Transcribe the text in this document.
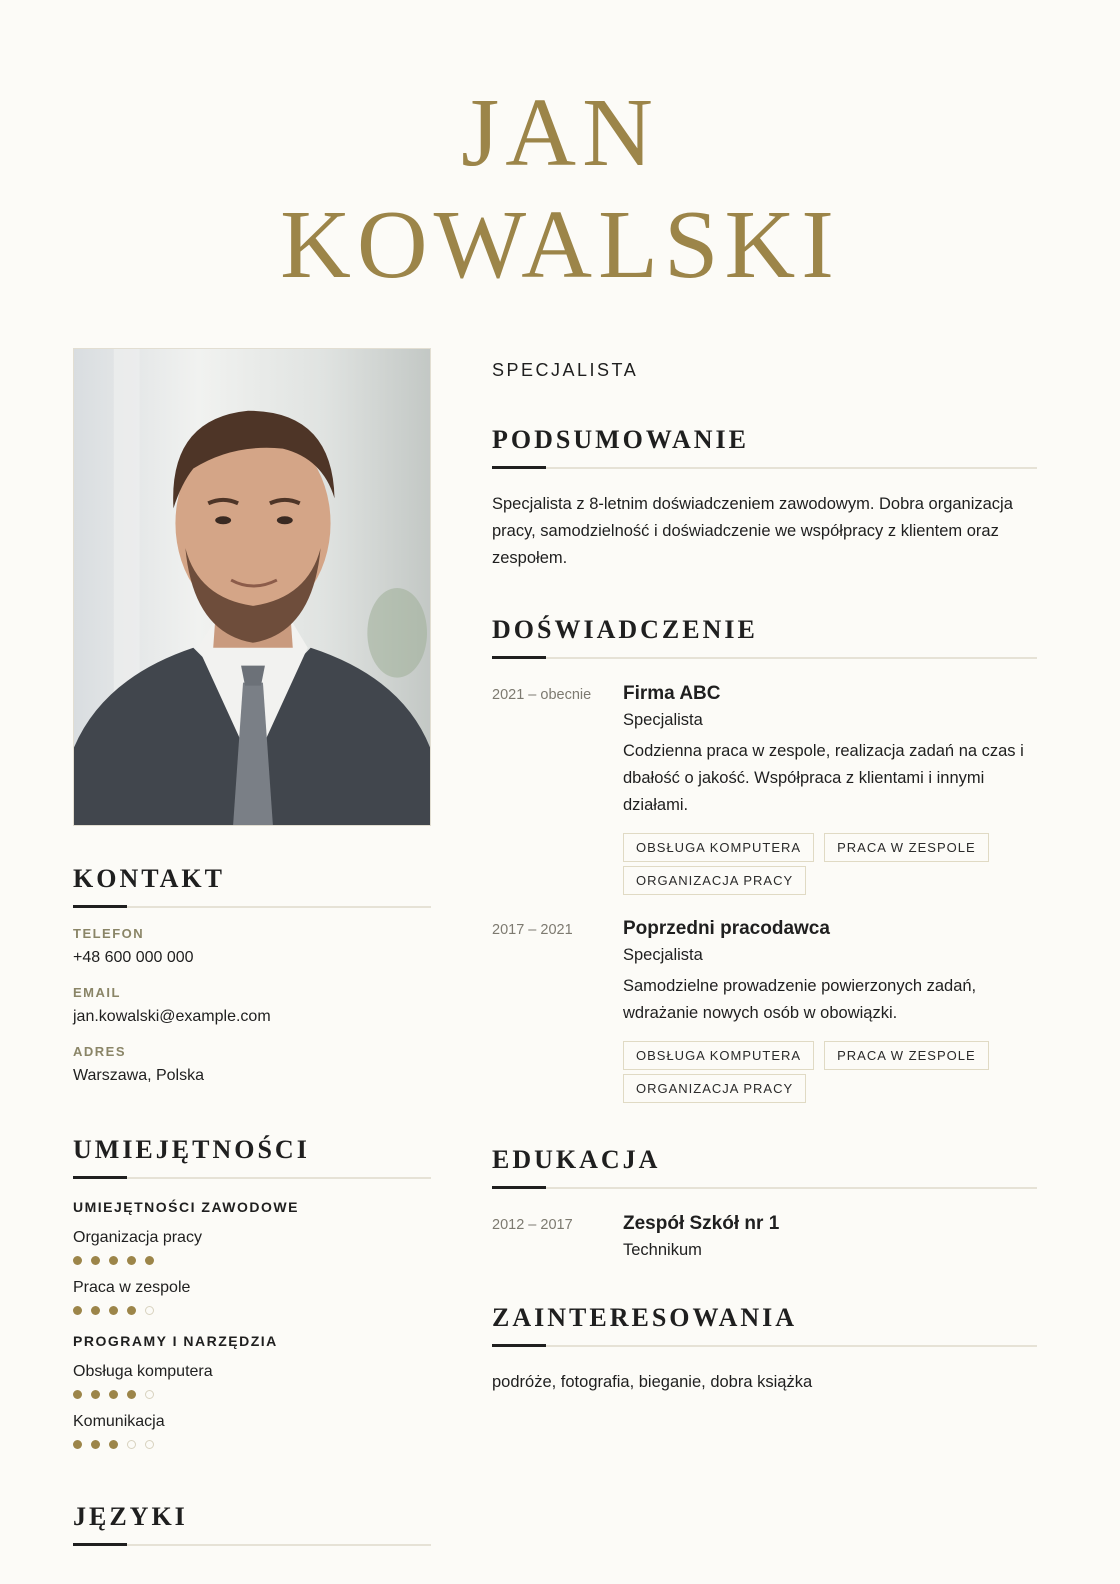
JAN
KOWALSKI
KONTAKT
TELEFON
+48 600 000 000
EMAIL
jan.kowalski@example.com
ADRES
Warszawa, Polska
UMIEJĘTNOŚCI
UMIEJĘTNOŚCI ZAWODOWE
Organizacja pracy
Praca w zespole
PROGRAMY I NARZĘDZIA
Obsługa komputera
Komunikacja
JĘZYKI
SPECJALISTA
PODSUMOWANIE
Specjalista z 8-letnim doświadczeniem zawodowym. Dobra organizacja pracy, samodzielność i doświadczenie we współpracy z klientem oraz zespołem.
DOŚWIADCZENIE
2021 – obecnie Firma ABC
Specjalista
Codzienna praca w zespole, realizacja zadań na czas i dbałość o jakość. Współpraca z klientami i innymi działami.
OBSŁUGA KOMPUTERA	PRACA W ZESPOLE
ORGANIZACJA PRACY
2017 – 2021	Poprzedni pracodawca
Specjalista
Samodzielne prowadzenie powierzonych zadań, wdrażanie nowych osób w obowiązki.
OBSŁUGA KOMPUTERA	PRACA W ZESPOLE
ORGANIZACJA PRACY
EDUKACJA
2012 – 2017	Zespół Szkół nr 1
Technikum
ZAINTERESOWANIA
podróże, fotografia, bieganie, dobra książka
